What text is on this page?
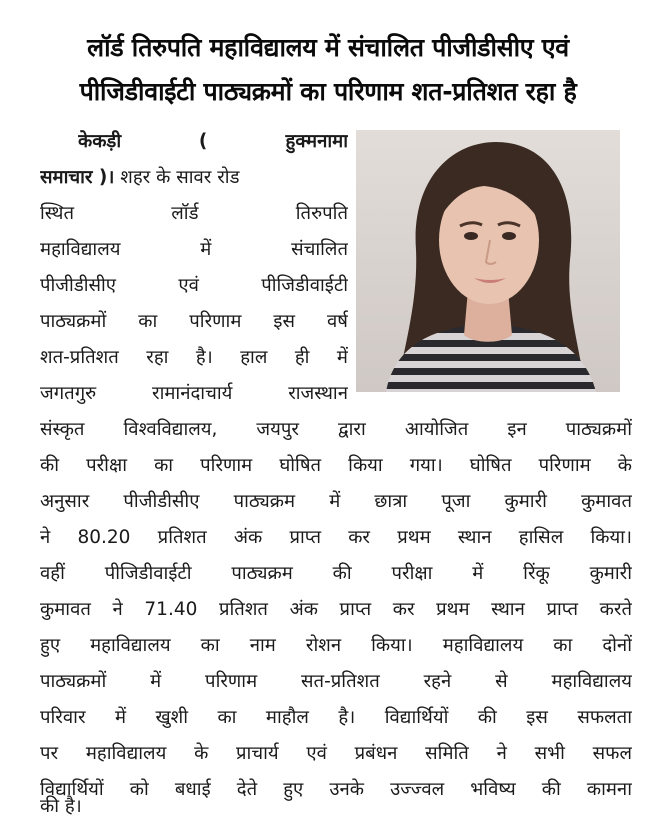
लॉर्ड तिरुपति महाविद्यालय में संचालित पीजीडीसीए एवं
पीजिडीवाईटी पाठ्यक्रमों का परिणाम शत-प्रतिशत रहा है
केकड़ी	( हुक्मनामा
समाचार )। शहर के सावर रोड
स्थित लॉर्ड तिरुपति
महाविद्यालय में संचालित
पीजीडीसीए एवं पीजिडीवाईटी
पाठ्यक्रमों का परिणाम इस वर्ष
शत-प्रतिशत रहा है। हाल ही में
जगतगुरु रामानंदाचार्य राजस्थान
संस्कृत विश्वविद्यालय, जयपुर द्वारा आयोजित इन पाठ्यक्रमों
की परीक्षा का परिणाम घोषित किया गया। घोषित परिणाम के
अनुसार पीजीडीसीए पाठ्यक्रम में छात्रा पूजा कुमारी कुमावत
ने 80.20 प्रतिशत अंक प्राप्त कर प्रथम स्थान हासिल किया।
वहीं पीजिडीवाईटी पाठ्यक्रम की परीक्षा में रिंकू कुमारी
कुमावत ने 71.40 प्रतिशत अंक प्राप्त कर प्रथम स्थान प्राप्त करते
हुए महाविद्यालय का नाम रोशन किया। महाविद्यालय का दोनों
पाठ्यक्रमों में परिणाम सत-प्रतिशत रहने से महाविद्यालय
परिवार में खुशी का माहौल है। विद्यार्थियों की इस सफलता
पर महाविद्यालय के प्राचार्य एवं प्रबंधन समिति ने सभी सफल
विद्यार्थियों को बधाई देते हुए उनके उज्ज्वल भविष्य की कामना
की है।
